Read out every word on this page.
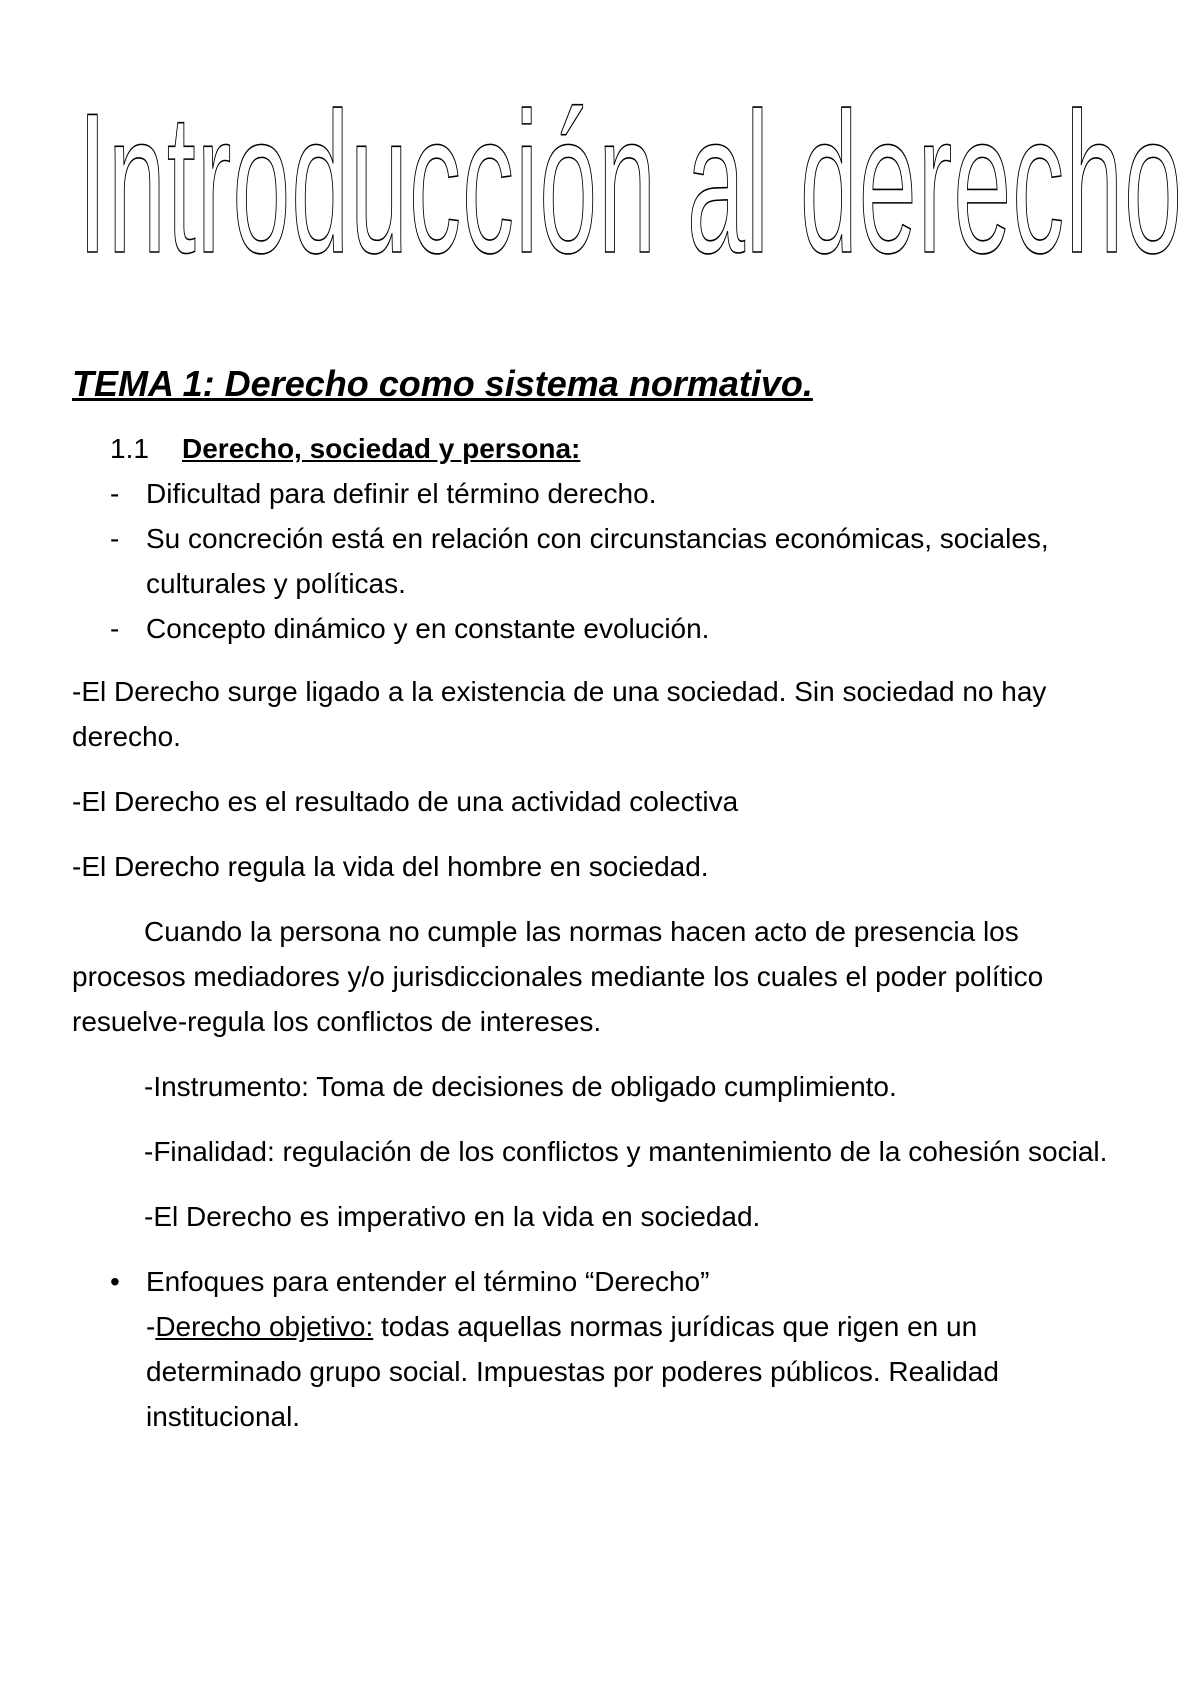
Introducción al derecho
TEMA 1: Derecho como sistema normativo.
1.1	Derecho, sociedad y persona:
- Dificultad para definir el término derecho.
- Su concreción está en relación con circunstancias económicas, sociales, culturales y políticas.
- Concepto dinámico y en constante evolución.

-El Derecho surge ligado a la existencia de una sociedad. Sin sociedad no hay derecho.

-El Derecho es el resultado de una actividad colectiva

-El Derecho regula la vida del hombre en sociedad.

Cuando la persona no cumple las normas hacen acto de presencia los procesos mediadores y/o jurisdiccionales mediante los cuales el poder político resuelve-regula los conflictos de intereses.

-Instrumento: Toma de decisiones de obligado cumplimiento.

-Finalidad: regulación de los conflictos y mantenimiento de la cohesión social.

-El Derecho es imperativo en la vida en sociedad.

• Enfoques para entender el término “Derecho”
-Derecho objetivo: todas aquellas normas jurídicas que rigen en un determinado grupo social. Impuestas por poderes públicos. Realidad institucional.
